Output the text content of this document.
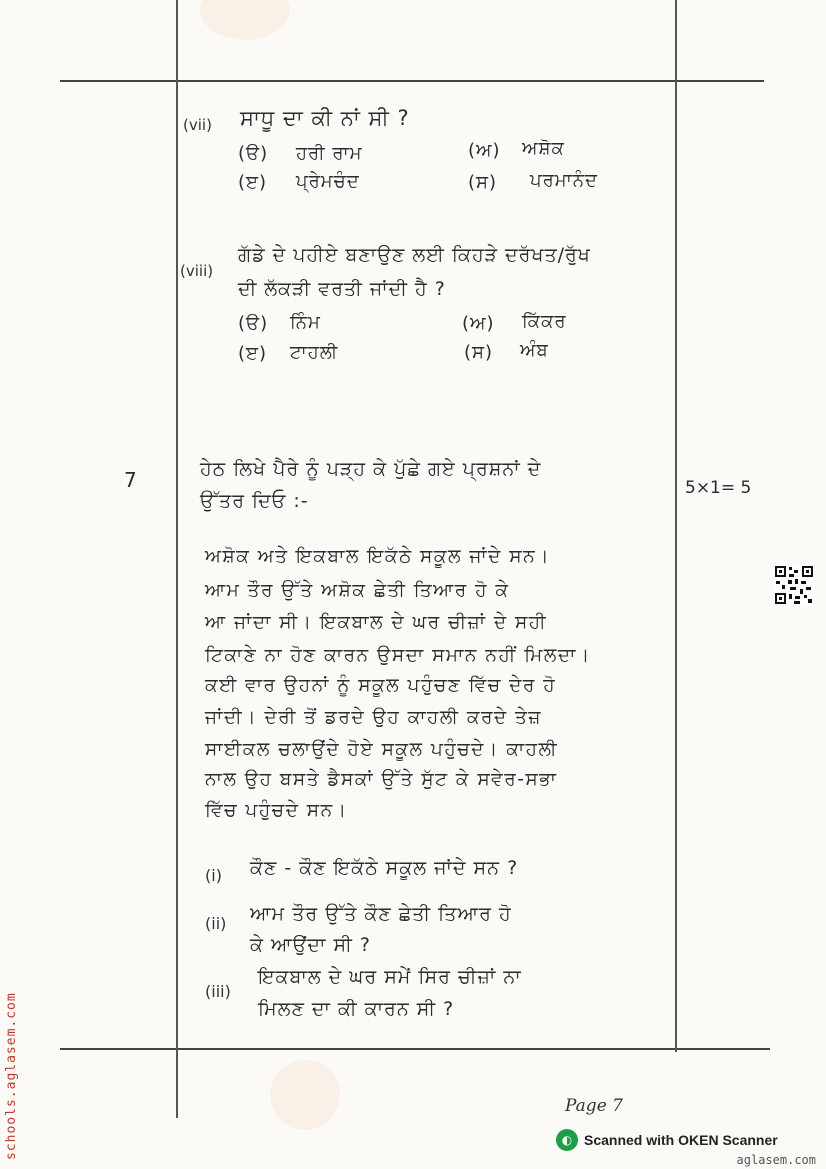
(vii) ਸਾਧੂ ਦਾ ਕੀ ਨਾਂ ਸੀ ?
(ੳ) ਹਰੀ ਰਾਮ	(ਅ) ਅਸ਼ੋਕ
(ੲ) ਪ੍ਰੇਮਚੰਦ	(ਸ) ਪਰਮਾਨੰਦ
(viii)
ਗੱਡੇ ਦੇ ਪਹੀਏ ਬਣਾਉਣ ਲਈ ਕਿਹੜੇ ਦਰੱਖਤ/ਰੁੱਖ
ਦੀ ਲੱਕੜੀ ਵਰਤੀ ਜਾਂਦੀ ਹੈ ?
(ੳ) ਨਿੰਮ	(ਅ) ਕਿੱਕਰ
(ੲ) ਟਾਹਲੀ	(ਸ) ਅੰਬ
7	ਹੇਠ ਲਿਖੇ ਪੈਰੇ ਨੂੰ ਪੜ੍ਹ ਕੇ ਪੁੱਛੇ ਗਏ ਪ੍ਰਸ਼ਨਾਂ ਦੇ
ਉੱਤਰ ਦਿਓ :-
5×1= 5
ਅਸ਼ੋਕ ਅਤੇ ਇਕਬਾਲ ਇਕੱਠੇ ਸਕੂਲ ਜਾਂਦੇ ਸਨ।
ਆਮ ਤੌਰ ਉੱਤੇ ਅਸ਼ੋਕ ਛੇਤੀ ਤਿਆਰ ਹੋ ਕੇ
ਆ ਜਾਂਦਾ ਸੀ। ਇਕਬਾਲ ਦੇ ਘਰ ਚੀਜ਼ਾਂ ਦੇ ਸਹੀ
ਟਿਕਾਣੇ ਨਾ ਹੋਣ ਕਾਰਨ ਉਸਦਾ ਸਮਾਨ ਨਹੀਂ ਮਿਲਦਾ।
ਕਈ ਵਾਰ ਉਹਨਾਂ ਨੂੰ ਸਕੂਲ ਪਹੁੰਚਣ ਵਿੱਚ ਦੇਰ ਹੋ
ਜਾਂਦੀ। ਦੇਰੀ ਤੋਂ ਡਰਦੇ ਉਹ ਕਾਹਲੀ ਕਰਦੇ ਤੇਜ਼
ਸਾਈਕਲ ਚਲਾਉਂਦੇ ਹੋਏ ਸਕੂਲ ਪਹੁੰਚਦੇ। ਕਾਹਲੀ
ਨਾਲ ਉਹ ਬਸਤੇ ਡੈਸਕਾਂ ਉੱਤੇ ਸੁੱਟ ਕੇ ਸਵੇਰ-ਸਭਾ
ਵਿੱਚ ਪਹੁੰਚਦੇ ਸਨ।
(i) ਕੌਣ - ਕੌਣ ਇਕੱਠੇ ਸਕੂਲ ਜਾਂਦੇ ਸਨ ?
(ii) ਆਮ ਤੌਰ ਉੱਤੇ ਕੌਣ ਛੇਤੀ ਤਿਆਰ ਹੋ
ਕੇ ਆਉਂਦਾ ਸੀ ?
(iii)
ਇਕਬਾਲ ਦੇ ਘਰ ਸਮੇਂ ਸਿਰ ਚੀਜ਼ਾਂ ਨਾ
ਮਿਲਣ ਦਾ ਕੀ ਕਾਰਨ ਸੀ ?
Page 7
schools.aglasem.com	◐ Scanned with OKEN Scanner
aglasem.com
